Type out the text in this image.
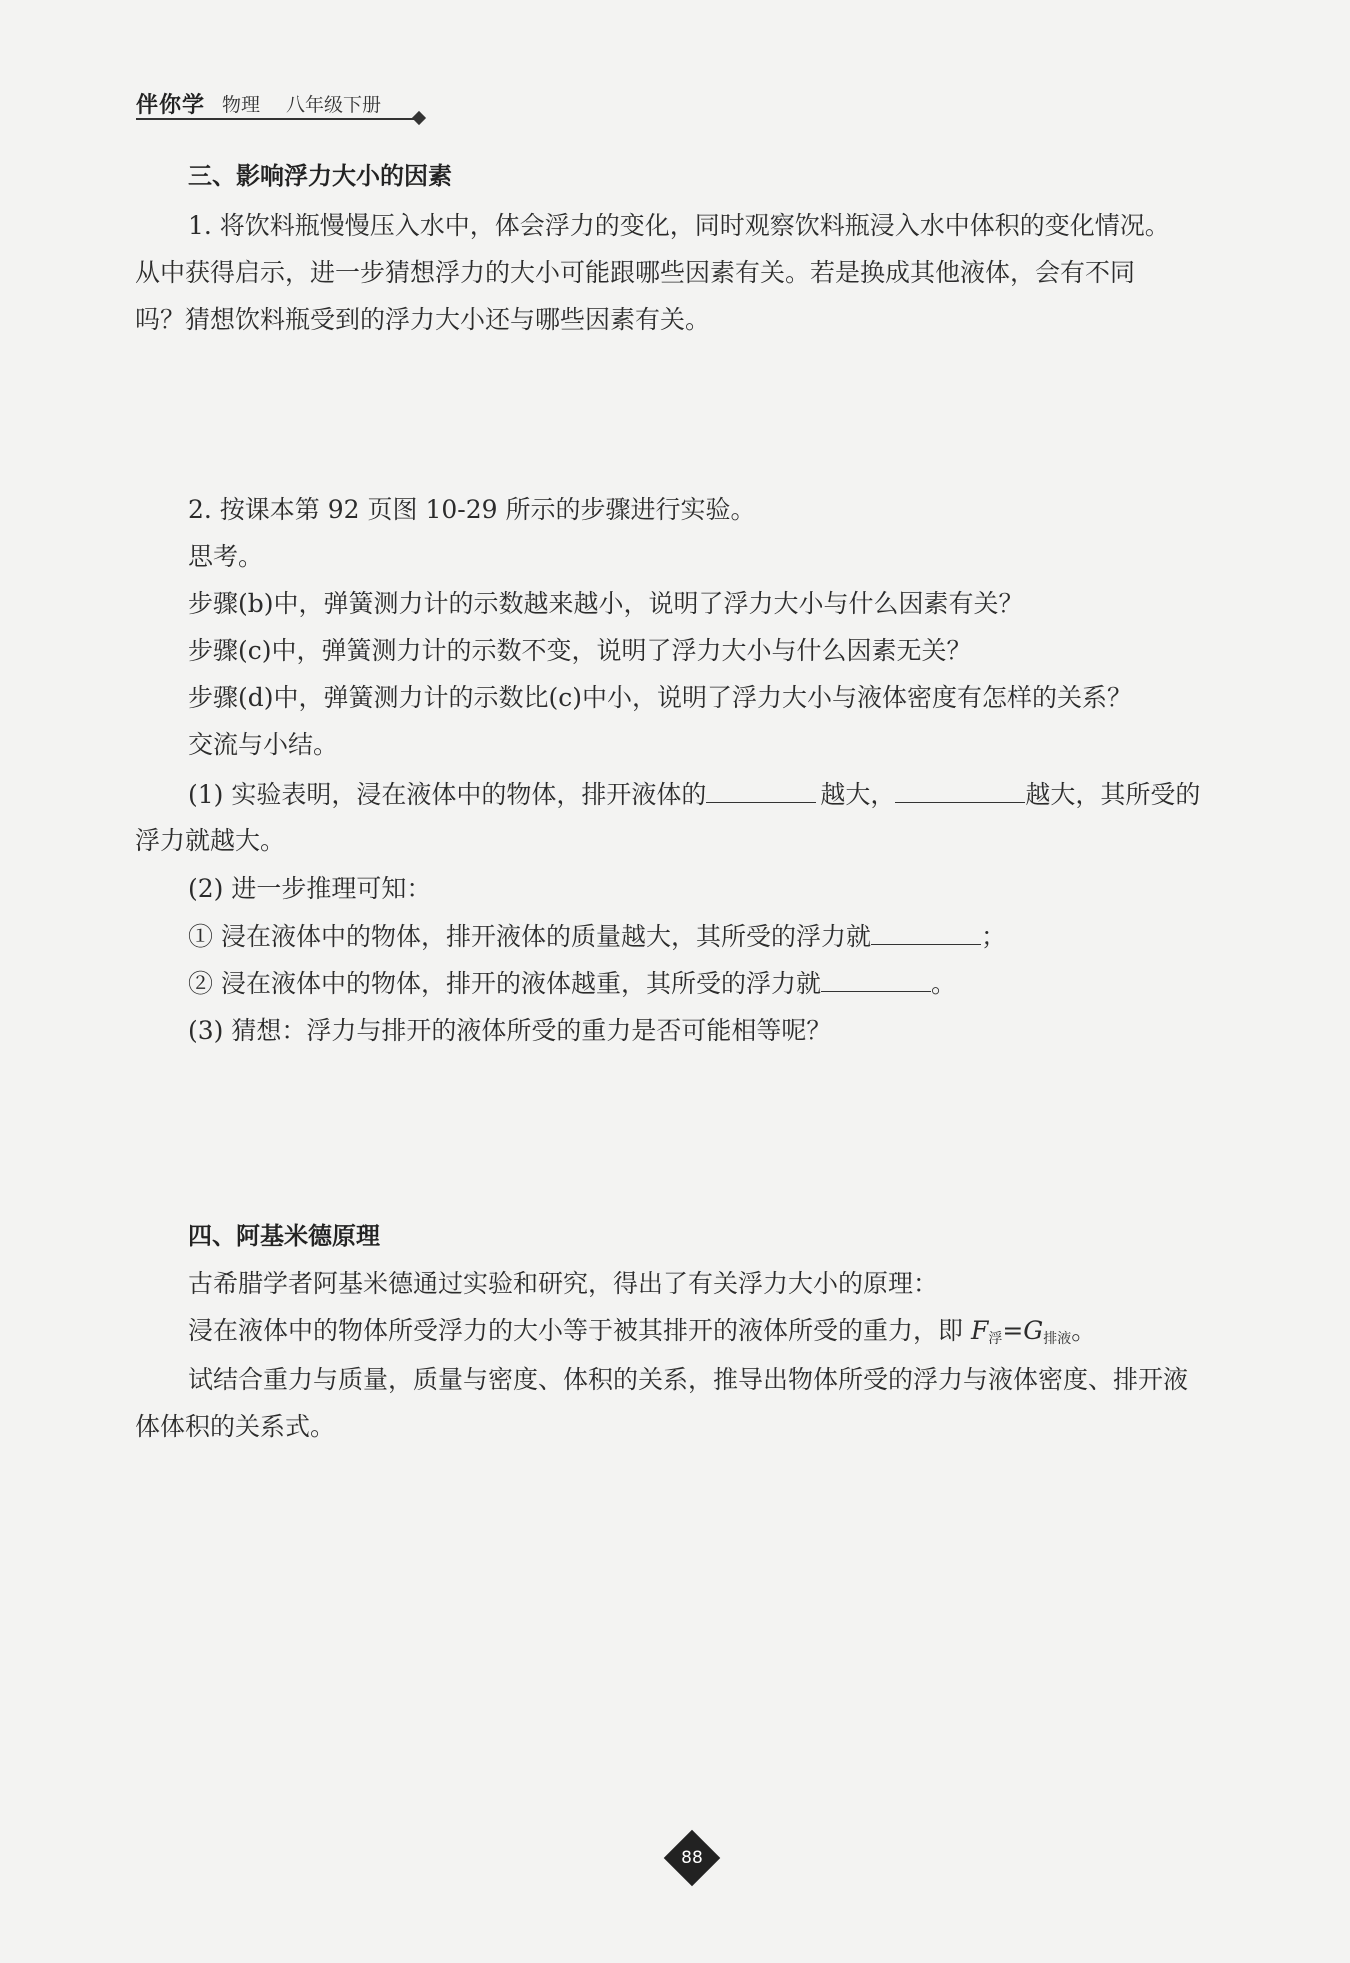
伴你学 物理 八年级下册
三、影响浮力大小的因素
1. 将饮料瓶慢慢压入水中，体会浮力的变化，同时观察饮料瓶浸入水中体积的变化情况。
从中获得启示，进一步猜想浮力的大小可能跟哪些因素有关。若是换成其他液体，会有不同
吗？猜想饮料瓶受到的浮力大小还与哪些因素有关。
2. 按课本第 92 页图 10-29 所示的步骤进行实验。
思考。
步骤(b)中，弹簧测力计的示数越来越小，说明了浮力大小与什么因素有关？
步骤(c)中，弹簧测力计的示数不变，说明了浮力大小与什么因素无关？
步骤(d)中，弹簧测力计的示数比(c)中小，说明了浮力大小与液体密度有怎样的关系？
交流与小结。
(1) 实验表明，浸在液体中的物体，排开液体的	越大，	越大，其所受的
浮力就越大。
(2) 进一步推理可知：
① 浸在液体中的物体，排开液体的质量越大，其所受的浮力就	；
② 浸在液体中的物体，排开的液体越重，其所受的浮力就	。
(3) 猜想：浮力与排开的液体所受的重力是否可能相等呢？
四、阿基米德原理
古希腊学者阿基米德通过实验和研究，得出了有关浮力大小的原理：
浸在液体中的物体所受浮力的大小等于被其排开的液体所受的重力，即 $F_浮=G_{排液}$。
试结合重力与质量，质量与密度、体积的关系，推导出物体所受的浮力与液体密度、排开液
体体积的关系式。
88
